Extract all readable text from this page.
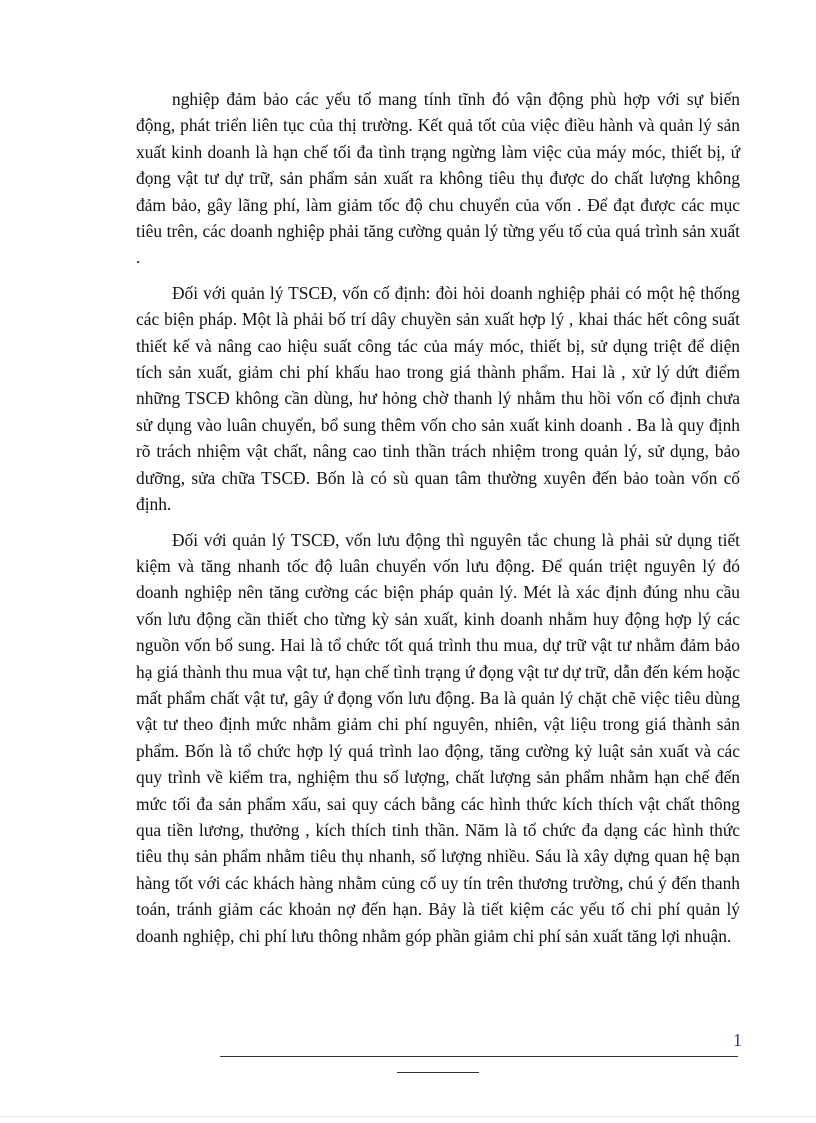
nghiệp đảm bảo các yếu tố mang tính tĩnh đó vận động phù hợp với sự biến động, phát triển liên tục của thị trường. Kết quả tốt của việc điều hành và quản lý sản xuất kinh doanh là hạn chế tối đa tình trạng ngừng làm việc của máy móc, thiết bị, ứ đọng vật tư dự trữ, sản phẩm sản xuất ra không tiêu thụ được do chất lượng không đảm bảo, gây lãng phí, làm giảm tốc độ chu chuyển của vốn . Để đạt được các mục tiêu trên, các doanh nghiệp phải tăng cường quản lý từng yếu tố của quá trình sản xuất .

Đối với quản lý TSCĐ, vốn cố định: đòi hỏi doanh nghiệp phải có một hệ thống các biện pháp. Một là phải bố trí dây chuyền sản xuất hợp lý , khai thác hết công suất thiết kế và nâng cao hiệu suất công tác của máy móc, thiết bị, sử dụng triệt để diện tích sản xuất, giảm chi phí khấu hao trong giá thành phẩm. Hai là , xử lý dứt điểm những TSCĐ không cần dùng, hư hỏng chờ thanh lý nhằm thu hồi vốn cố định chưa sử dụng vào luân chuyển, bổ sung thêm vốn cho sản xuất kinh doanh . Ba là quy định rõ trách nhiệm vật chất, nâng cao tinh thần trách nhiệm trong quản lý, sử dụng, bảo dưỡng, sửa chữa TSCĐ. Bốn là có sù quan tâm thường xuyên đến bảo toàn vốn cố định.

Đối với quản lý TSCĐ, vốn lưu động thì nguyên tắc chung là phải sử dụng tiết kiệm và tăng nhanh tốc độ luân chuyển vốn lưu động. Để quán triệt nguyên lý đó doanh nghiệp nên tăng cường các biện pháp quản lý. Mét là xác định đúng nhu cầu vốn lưu động cần thiết cho từng kỳ sản xuất, kinh doanh nhằm huy động hợp lý các nguồn vốn bổ sung. Hai là tổ chức tốt quá trình thu mua, dự trữ vật tư nhằm đảm bảo hạ giá thành thu mua vật tư, hạn chế tình trạng ứ đọng vật tư dự trữ, dẫn đến kém hoặc mất phẩm chất vật tư, gây ứ đọng vốn lưu động. Ba là quản lý chặt chẽ việc tiêu dùng vật tư theo định mức nhằm giảm chi phí nguyên, nhiên, vật liệu trong giá thành sản phẩm. Bốn là tổ chức hợp lý quá trình lao động, tăng cường kỷ luật sản xuất và các quy trình về kiểm tra, nghiệm thu số lượng, chất lượng sản phẩm nhằm hạn chế đến mức tối đa sản phẩm xấu, sai quy cách bằng các hình thức kích thích vật chất thông qua tiền lương, thưởng , kích thích tinh thần. Năm là tổ chức đa dạng các hình thức tiêu thụ sản phẩm nhằm tiêu thụ nhanh, số lượng nhiều. Sáu là xây dựng quan hệ bạn hàng tốt với các khách hàng nhằm củng cố uy tín trên thương trường, chú ý đến thanh toán, tránh giảm các khoản nợ đến hạn. Bảy là tiết kiệm các yếu tố chi phí quản lý doanh nghiệp, chi phí lưu thông nhằm góp phần giảm chi phí sản xuất tăng lợi nhuận.

1
